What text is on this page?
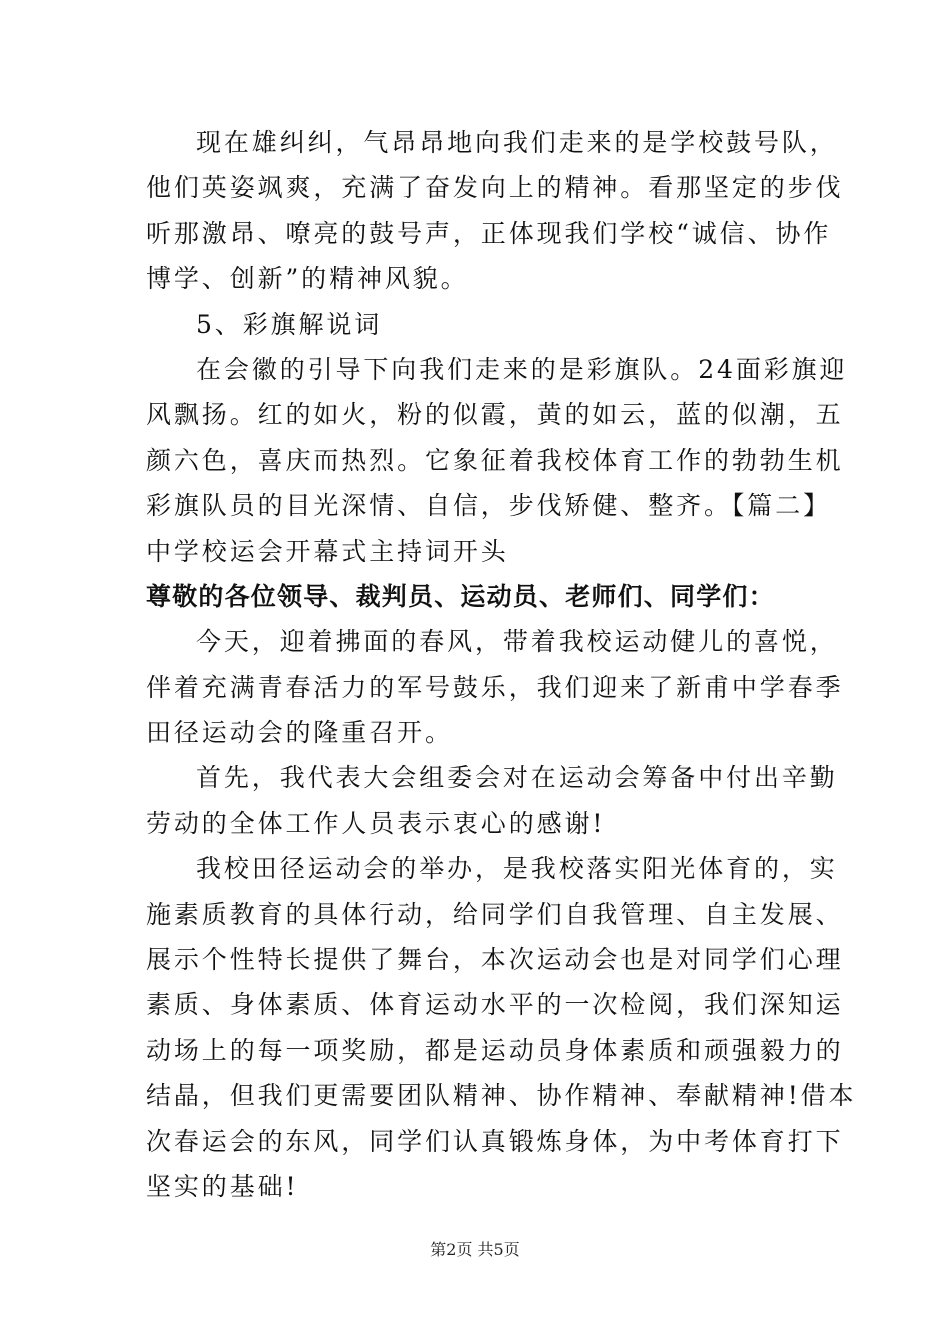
现在雄纠纠，气昂昂地向我们走来的是学校鼓号队，
他们英姿飒爽，充满了奋发向上的精神。看那坚定的步伐
听那激昂、嘹亮的鼓号声，正体现我们学校“诚信、协作
博学、创新”的精神风貌。
5、彩旗解说词
在会徽的引导下向我们走来的是彩旗队。24面彩旗迎
风飘扬。红的如火，粉的似霞，黄的如云，蓝的似潮，五
颜六色，喜庆而热烈。它象征着我校体育工作的勃勃生机
彩旗队员的目光深情、自信，步伐矫健、整齐。【篇二】
中学校运会开幕式主持词开头
尊敬的各位领导、裁判员、运动员、老师们、同学们：
今天，迎着拂面的春风，带着我校运动健儿的喜悦，
伴着充满青春活力的军号鼓乐，我们迎来了新甫中学春季
田径运动会的隆重召开。
首先，我代表大会组委会对在运动会筹备中付出辛勤
劳动的全体工作人员表示衷心的感谢!
我校田径运动会的举办，是我校落实阳光体育的，实
施素质教育的具体行动，给同学们自我管理、自主发展、
展示个性特长提供了舞台，本次运动会也是对同学们心理
素质、身体素质、体育运动水平的一次检阅，我们深知运
动场上的每一项奖励，都是运动员身体素质和顽强毅力的
结晶，但我们更需要团队精神、协作精神、奉献精神!借本
次春运会的东风，同学们认真锻炼身体，为中考体育打下
坚实的基础!
第2页 共5页
